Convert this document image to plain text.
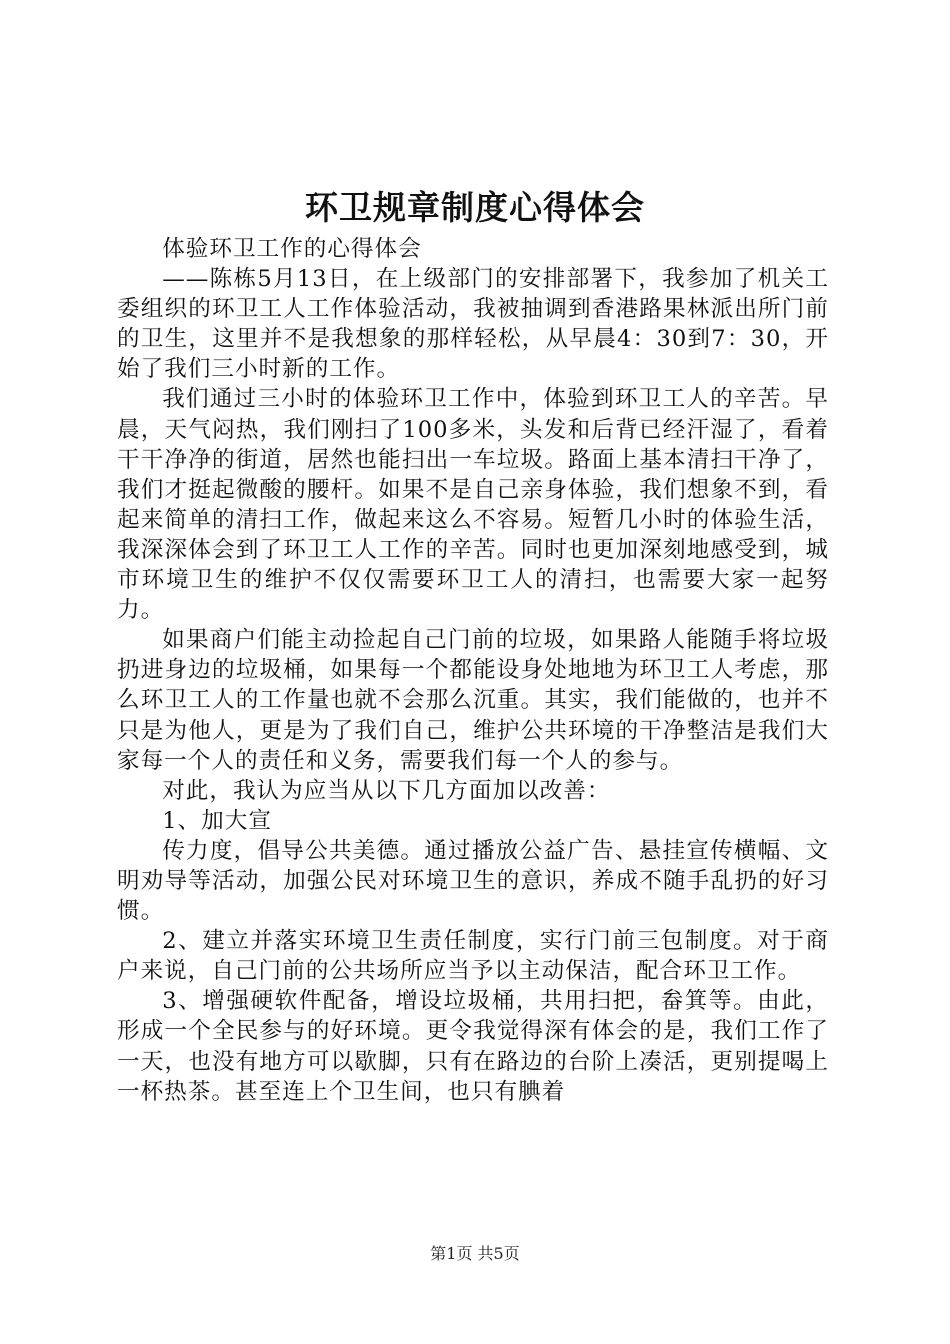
环卫规章制度心得体会

体验环卫工作的心得体会

——陈栋5月13日，在上级部门的安排部署下，我参加了机关工委组织的环卫工人工作体验活动，我被抽调到香港路果林派出所门前的卫生，这里并不是我想象的那样轻松，从早晨4：30到7：30，开始了我们三小时新的工作。

我们通过三小时的体验环卫工作中，体验到环卫工人的辛苦。早晨，天气闷热，我们刚扫了100多米，头发和后背已经汗湿了，看着干干净净的街道，居然也能扫出一车垃圾。路面上基本清扫干净了，我们才挺起微酸的腰杆。如果不是自己亲身体验，我们想象不到，看起来简单的清扫工作，做起来这么不容易。短暂几小时的体验生活，我深深体会到了环卫工人工作的辛苦。同时也更加深刻地感受到，城市环境卫生的维护不仅仅需要环卫工人的清扫，也需要大家一起努力。

如果商户们能主动捡起自己门前的垃圾，如果路人能随手将垃圾扔进身边的垃圾桶，如果每一个都能设身处地地为环卫工人考虑，那么环卫工人的工作量也就不会那么沉重。其实，我们能做的，也并不只是为他人，更是为了我们自己，维护公共环境的干净整洁是我们大家每一个人的责任和义务，需要我们每一个人的参与。

对此，我认为应当从以下几方面加以改善：

1、加大宣

传力度，倡导公共美德。通过播放公益广告、悬挂宣传横幅、文明劝导等活动，加强公民对环境卫生的意识，养成不随手乱扔的好习惯。

2、建立并落实环境卫生责任制度，实行门前三包制度。对于商户来说，自己门前的公共场所应当予以主动保洁，配合环卫工作。

3、增强硬软件配备，增设垃圾桶，共用扫把，畚箕等。由此，形成一个全民参与的好环境。更令我觉得深有体会的是，我们工作了一天，也没有地方可以歇脚，只有在路边的台阶上凑活，更别提喝上一杯热茶。甚至连上个卫生间，也只有腆着

第1页 共5页
